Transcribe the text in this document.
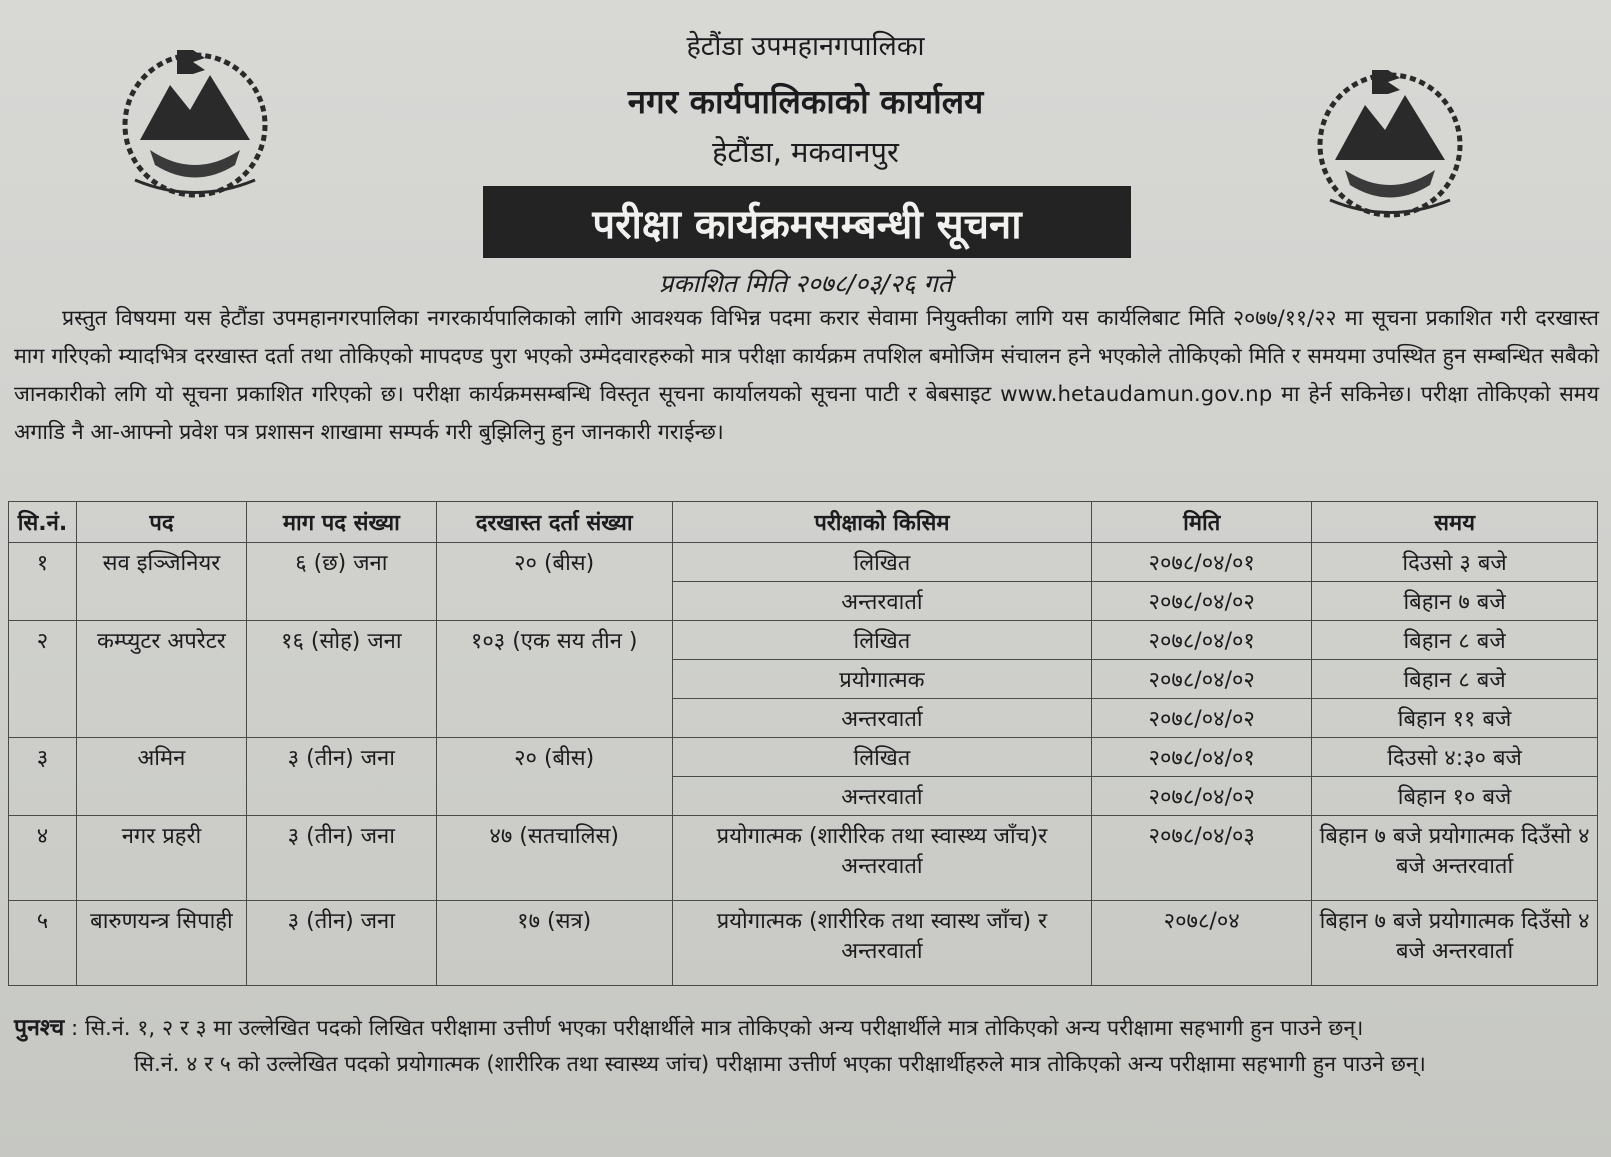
हेटौंडा उपमहानगपालिका
नगर कार्यपालिकाको कार्यालय
हेटौंडा, मकवानपुर
परीक्षा कार्यक्रमसम्बन्धी सूचना
प्रकाशित मिति २०७८/०३/२६ गते
प्रस्तुत विषयमा यस हेटौंडा उपमहानगरपालिका नगरकार्यपालिकाको लागि आवश्यक विभिन्न पदमा करार सेवामा नियुक्तीका लागि यस कार्यलिबाट मिति २०७७/११/२२ मा सूचना प्रकाशित गरी दरखास्त माग गरिएको म्यादभित्र दरखास्त दर्ता तथा तोकिएको मापदण्ड पुरा भएको उम्मेदवारहरुको मात्र परीक्षा कार्यक्रम तपशिल बमोजिम संचालन हने भएकोले तोकिएको मिति र समयमा उपस्थित हुन सम्बन्धित सबैको जानकारीको लगि यो सूचना प्रकाशित गरिएको छ। परीक्षा कार्यक्रमसम्बन्धि विस्तृत सूचना कार्यालयको सूचना पाटी र बेबसाइट www.hetaudamun.gov.np मा हेर्न सकिनेछ। परीक्षा तोकिएको समय अगाडि नै आ-आफ्नो प्रवेश पत्र प्रशासन शाखामा सम्पर्क गरी बुझिलिनु हुन जानकारी गराईन्छ।
सि.नं.	पद	माग पद संख्या	दरखास्त दर्ता संख्या	परीक्षाको किसिम	मिति	समय
१	सव इञ्जिनियर	६ (छ) जना	२० (बीस)	लिखित	२०७८/०४/०१	दिउसो ३ बजे
				अन्तरवार्ता	२०७८/०४/०२	बिहान ७ बजे
२	कम्प्युटर अपरेटर	१६ (सोह) जना	१०३ (एक सय तीन )	लिखित	२०७८/०४/०१	बिहान ८ बजे
				प्रयोगात्मक	२०७८/०४/०२	बिहान ८ बजे
				अन्तरवार्ता	२०७८/०४/०२	बिहान ११ बजे
३	अमिन	३ (तीन) जना	२० (बीस)	लिखित	२०७८/०४/०१	दिउसो ४:३० बजे
				अन्तरवार्ता	२०७८/०४/०२	बिहान १० बजे
४	नगर प्रहरी	३ (तीन) जना	४७ (सतचालिस)	प्रयोगात्मक (शारीरिक तथा स्वास्थ्य जाँच)र अन्तरवार्ता	२०७८/०४/०३	बिहान ७ बजे प्रयोगात्मक दिउँसो ४ बजे अन्तरवार्ता
५	बारुणयन्त्र सिपाही	३ (तीन) जना	१७ (सत्र)	प्रयोगात्मक (शारीरिक तथा स्वास्थ जाँच) र अन्तरवार्ता	२०७८/०४	बिहान ७ बजे प्रयोगात्मक दिउँसो ४ बजे अन्तरवार्ता
पुनश्च : सि.नं. १, २ र ३ मा उल्लेखित पदको लिखित परीक्षामा उत्तीर्ण भएका परीक्षार्थीले मात्र तोकिएको अन्य परीक्षार्थीले मात्र तोकिएको अन्य परीक्षामा सहभागी हुन पाउने छन्।
सि.नं. ४ र ५ को उल्लेखित पदको प्रयोगात्मक (शारीरिक तथा स्वास्थ्य जांच) परीक्षामा उत्तीर्ण भएका परीक्षार्थीहरुले मात्र तोकिएको अन्य परीक्षामा सहभागी हुन पाउने छन्।
